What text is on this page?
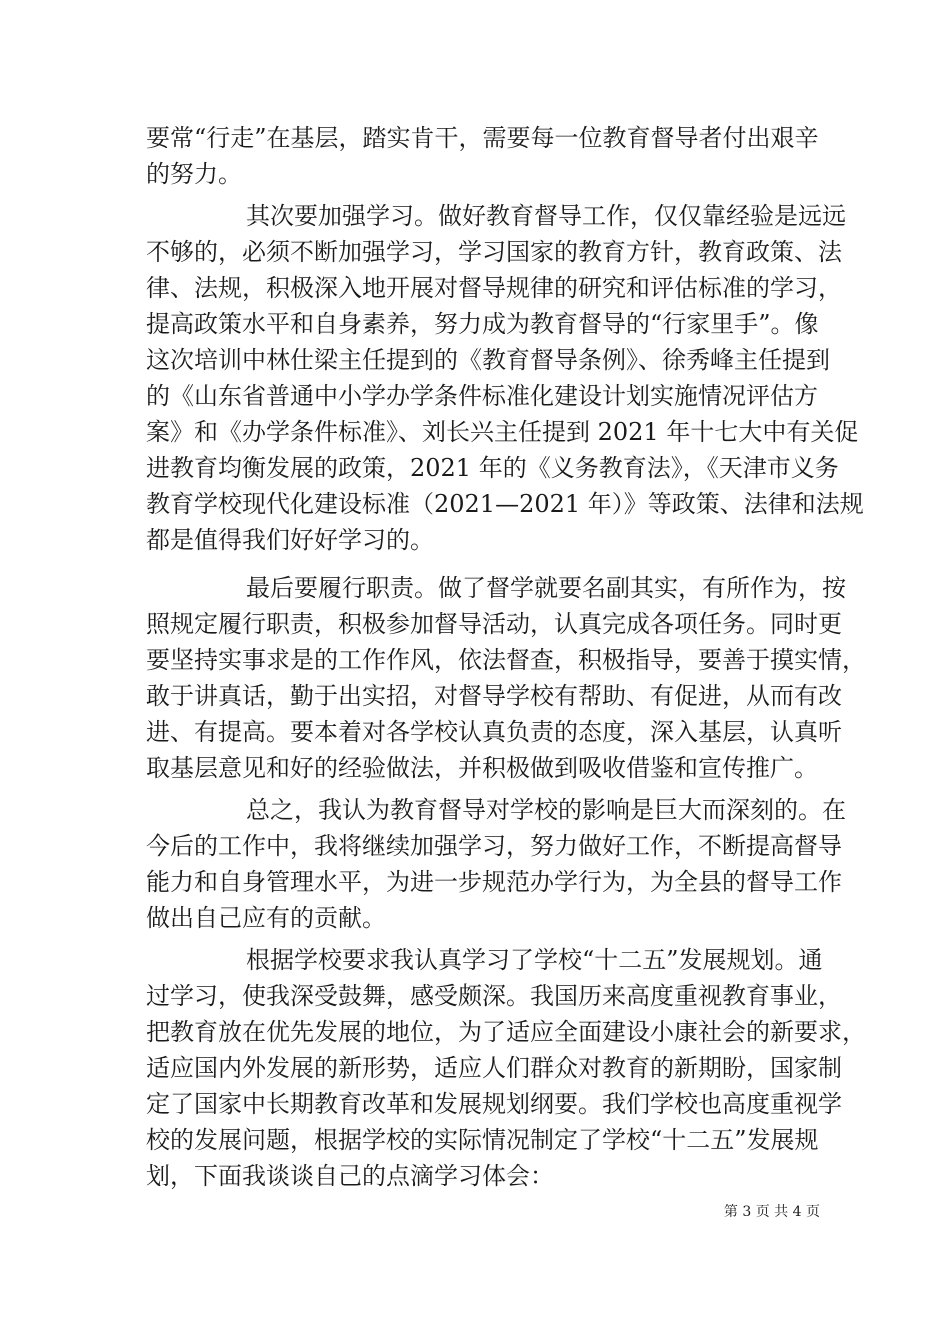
要常“行走”在基层，踏实肯干，需要每一位教育督导者付出艰辛
的努力。
其次要加强学习。做好教育督导工作，仅仅靠经验是远远
不够的，必须不断加强学习，学习国家的教育方针，教育政策、法
律、法规，积极深入地开展对督导规律的研究和评估标准的学习，
提高政策水平和自身素养，努力成为教育督导的“行家里手”。像
这次培训中林仕梁主任提到的《教育督导条例》、徐秀峰主任提到
的《山东省普通中小学办学条件标准化建设计划实施情况评估方
案》和《办学条件标准》、刘长兴主任提到 2021 年十七大中有关促
进教育均衡发展的政策，2021 年的《义务教育法》，《天津市义务
教育学校现代化建设标准（2021—2021 年）》等政策、法律和法规
都是值得我们好好学习的。
最后要履行职责。做了督学就要名副其实，有所作为，按
照规定履行职责，积极参加督导活动，认真完成各项任务。同时更
要坚持实事求是的工作作风，依法督查，积极指导，要善于摸实情，
敢于讲真话，勤于出实招，对督导学校有帮助、有促进，从而有改
进、有提高。要本着对各学校认真负责的态度，深入基层，认真听
取基层意见和好的经验做法，并积极做到吸收借鉴和宣传推广。
总之，我认为教育督导对学校的影响是巨大而深刻的。在
今后的工作中，我将继续加强学习，努力做好工作，不断提高督导
能力和自身管理水平，为进一步规范办学行为，为全县的督导工作
做出自己应有的贡献。
根据学校要求我认真学习了学校“十二五”发展规划。通
过学习，使我深受鼓舞，感受颇深。我国历来高度重视教育事业，
把教育放在优先发展的地位，为了适应全面建设小康社会的新要求，
适应国内外发展的新形势，适应人们群众对教育的新期盼，国家制
定了国家中长期教育改革和发展规划纲要。我们学校也高度重视学
校的发展问题，根据学校的实际情况制定了学校“十二五”发展规
划，下面我谈谈自己的点滴学习体会：
第 3 页 共 4 页
